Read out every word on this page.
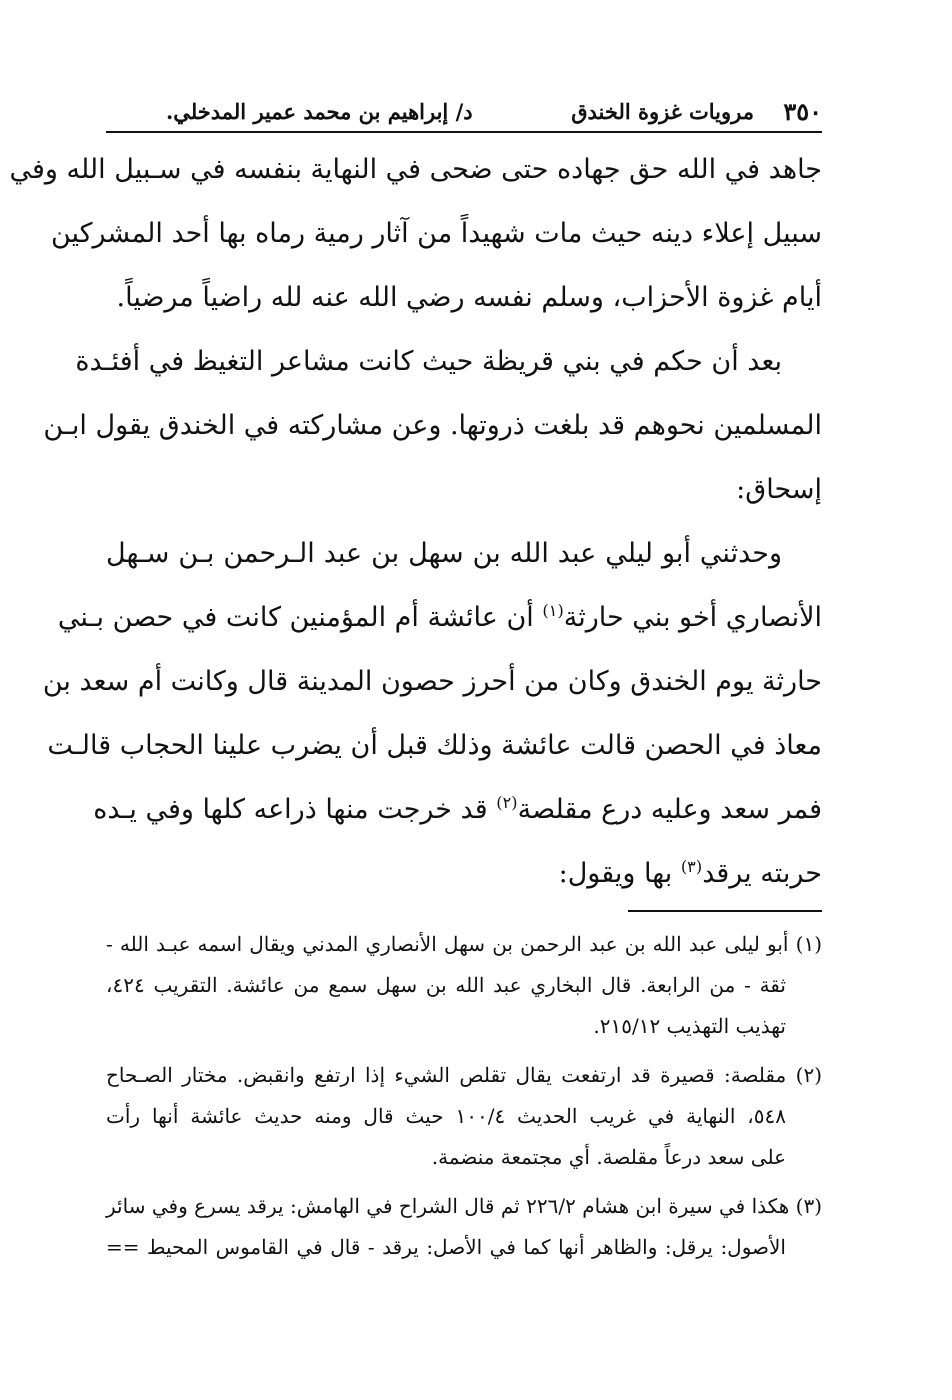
٣٥٠
مرويات غزوة الخندق
د/ إبراهيم بن محمد عمير المدخلي.
جاهد في الله حق جهاده حتى ضحى في النهاية بنفسه في سـبيل الله وفي
سبيل إعلاء دينه حيث مات شهيداً من آثار رمية رماه بها أحد المشركين
أيام غزوة الأحزاب، وسلم نفسه رضي الله عنه لله راضياً مرضياً.
بعد أن حكم في بني قريظة حيث كانت مشاعر التغيظ في أفئـدة
المسلمين نحوهم قد بلغت ذروتها. وعن مشاركته في الخندق يقول ابـن
إسحاق:
وحدثني أبو ليلي عبد الله بن سهل بن عبد الـرحمن بـن سـهل
الأنصاري أخو بني حارثة$^{(١)}$ أن عائشة أم المؤمنين كانت في حصن بـني
حارثة يوم الخندق وكان من أحرز حصون المدينة قال وكانت أم سعد بن
معاذ في الحصن قالت عائشة وذلك قبل أن يضرب علينا الحجاب قالـت
فمر سعد وعليه درع مقلصة$^{(٢)}$ قد خرجت منها ذراعه كلها وفي يـده
حربته يرقد$^{(٣)}$ بها ويقول:
(١) أبو ليلى عبد الله بن عبد الرحمن بن سهل الأنصاري المدني ويقال اسمه عبـد الله -
ثقة - من الرابعة. قال البخاري عبد الله بن سهل سمع من عائشة. التقريب ٤٢٤،
تهذيب التهذيب ٢١٥/١٢.
(٢) مقلصة: قصيرة قد ارتفعت يقال تقلص الشيء إذا ارتفع وانقبض. مختار الصـحاح
٥٤٨، النهاية في غريب الحديث ١٠٠/٤ حيث قال ومنه حديث عائشة أنها رأت
على سعد درعاً مقلصة. أي مجتمعة منضمة.
(٣) هكذا في سيرة ابن هشام ٢٢٦/٢ ثم قال الشراح في الهامش: يرقد يسرع وفي سائر
الأصول: يرقل: والظاهر أنها كما في الأصل: يرقد - قال في القاموس المحيط ==
